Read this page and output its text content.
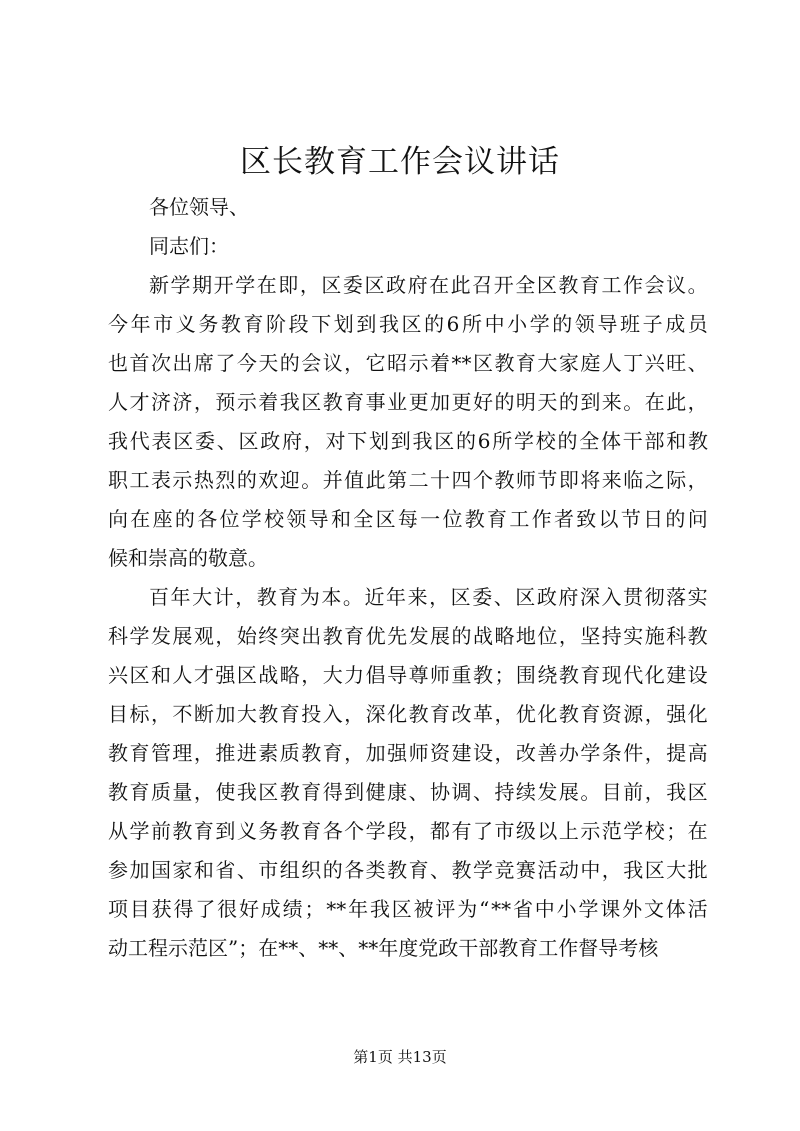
区长教育工作会议讲话

各位领导、

同志们：

新 学 期 开 学 在 即 ， 区 委 区 政 府 在 此 召 开 全 区 教 育 工 作 会 议 。
今 年 市 义 务 教 育 阶 段 下 划 到 我 区 的 6 所 中 小 学 的 领 导 班 子 成 员
也 首 次 出 席 了 今 天 的 会 议 ， 它 昭 示 着 ** 区 教 育 大 家 庭 人 丁 兴 旺 、
人 才 济 济 ， 预 示 着 我 区 教 育 事 业 更 加 更 好 的 明 天 的 到 来 。 在 此 ，
我 代 表 区 委 、 区 政 府 ， 对 下 划 到 我 区 的 6 所 学 校 的 全 体 干 部 和 教
职 工 表 示 热 烈 的 欢 迎 。 并 值 此 第 二 十 四 个 教 师 节 即 将 来 临 之 际 ，
向 在 座 的 各 位 学 校 领 导 和 全 区 每 一 位 教 育 工 作 者 致 以 节 日 的 问
候和崇高的敬意。
百 年 大 计 ， 教 育 为 本 。 近 年 来 ， 区 委 、 区 政 府 深 入 贯 彻 落 实
科 学 发 展 观 ， 始 终 突 出 教 育 优 先 发 展 的 战 略 地 位 ， 坚 持 实 施 科 教
兴 区 和 人 才 强 区 战 略 ， 大 力 倡 导 尊 师 重 教 ； 围 绕 教 育 现 代 化 建 设
目 标 ， 不 断 加 大 教 育 投 入 ， 深 化 教 育 改 革 ， 优 化 教 育 资 源 ， 强 化
教 育 管 理 ， 推 进 素 质 教 育 ， 加 强 师 资 建 设 ， 改 善 办 学 条 件 ， 提 高
教 育 质 量 ， 使 我 区 教 育 得 到 健 康 、 协 调 、 持 续 发 展 。 目 前 ， 我 区
从 学 前 教 育 到 义 务 教 育 各 个 学 段 ， 都 有 了 市 级 以 上 示 范 学 校 ； 在
参 加 国 家 和 省 、 市 组 织 的 各 类 教 育 、 教 学 竞 赛 活 动 中 ， 我 区 大 批
项 目 获 得 了 很 好 成 绩 ； ** 年 我 区 被 评 为 “ ** 省 中 小 学 课 外 文 体 活
动工程示范区”；在**、**、**年度党政干部教育工作督导考核
第1页 共13页
